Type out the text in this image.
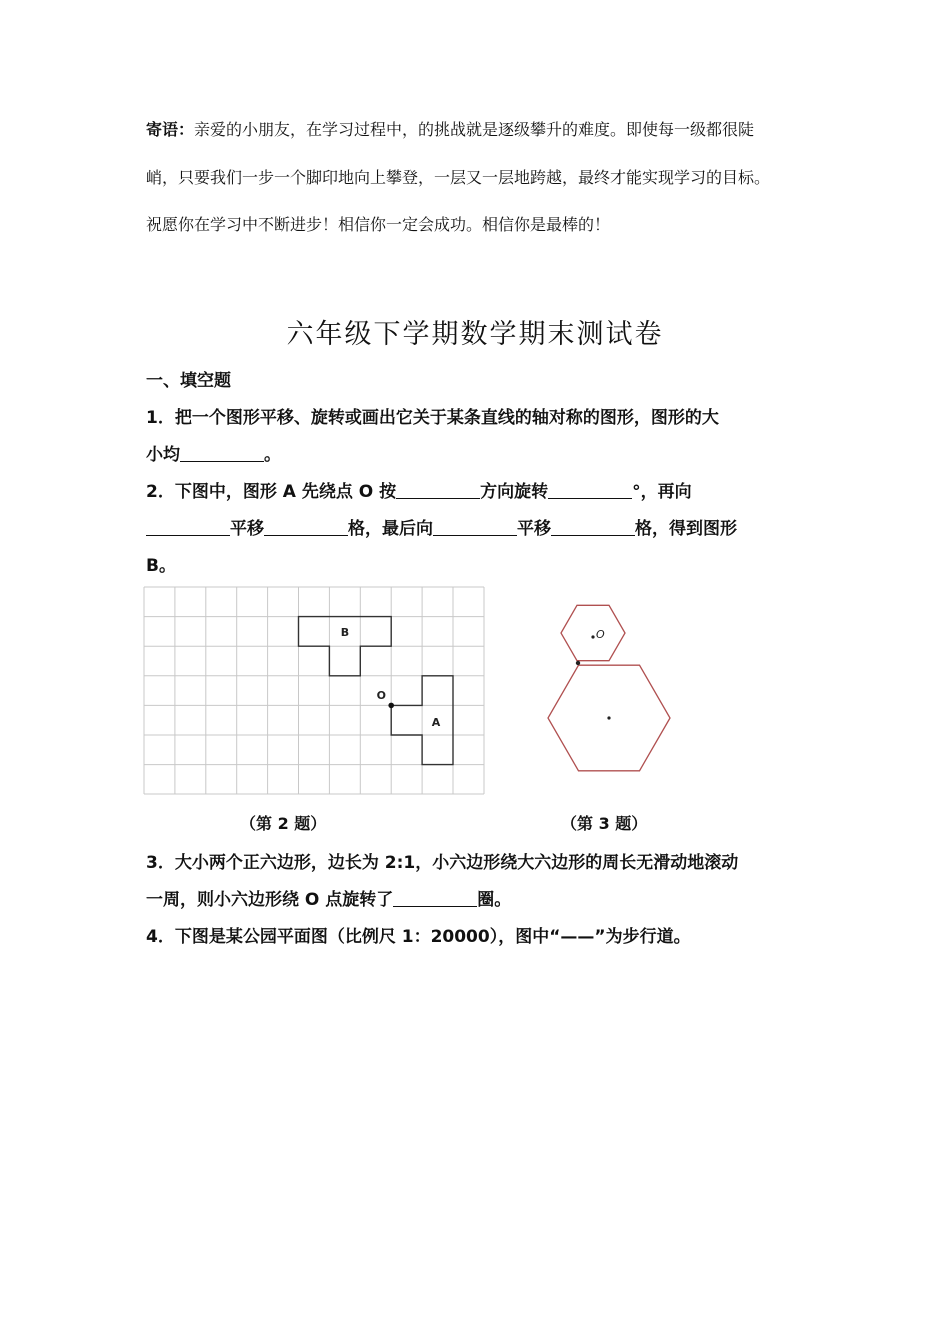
寄语：亲爱的小朋友，在学习过程中，的挑战就是逐级攀升的难度。即使每一级都很陡
峭，只要我们一步一个脚印地向上攀登，一层又一层地跨越，最终才能实现学习的目标。
祝愿你在学习中不断进步！相信你一定会成功。相信你是最棒的！
六年级下学期数学期末测试卷
一、填空题
1．把一个图形平移、旋转或画出它关于某条直线的轴对称的图形，图形的大
小均	。
2．下图中，图形 A 先绕点 O 按	方向旋转	°，再向
平移	格，最后向	平移	格，得到图形
B。
B
A
O
O
（第 2 题）	（第 3 题）
3．大小两个正六边形，边长为 2:1，小六边形绕大六边形的周长无滑动地滚动
一周，则小六边形绕 O 点旋转了	圈。
4．下图是某公园平面图（比例尺 1：20000），图中“——”为步行道。
